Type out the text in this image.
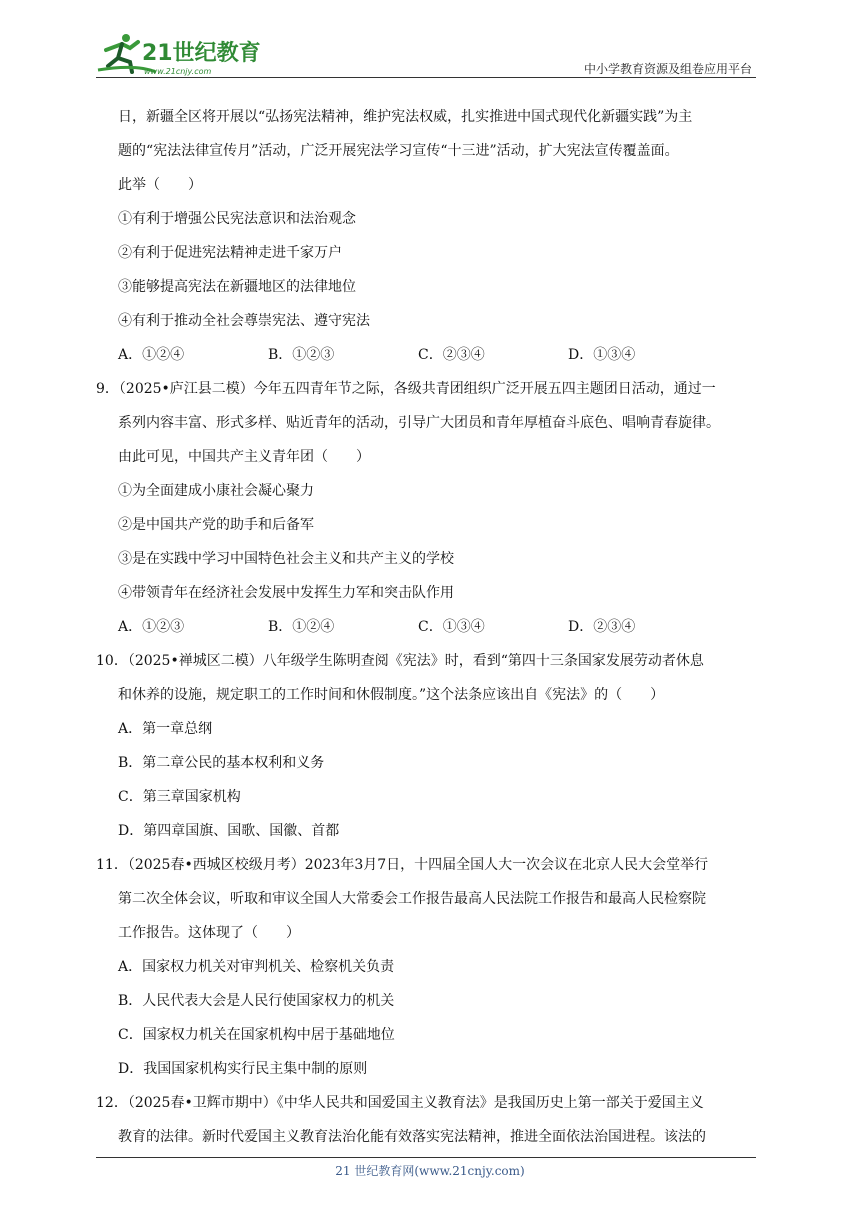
21世纪教育
www.21cnjy.com	中小学教育资源及组卷应用平台
日，新疆全区将开展以“弘扬宪法精神，维护宪法权威，扎实推进中国式现代化新疆实践”为主
题的“宪法法律宣传月”活动，广泛开展宪法学习宣传“十三进”活动，扩大宪法宣传覆盖面。
此举（　　）
①有利于增强公民宪法意识和法治观念
②有利于促进宪法精神走进千家万户
③能够提高宪法在新疆地区的法律地位
④有利于推动全社会尊崇宪法、遵守宪法
A．①②④	B．①②③	C．②③④	D．①③④
9．（2025•庐江县二模）今年五四青年节之际，各级共青团组织广泛开展五四主题团日活动，通过一
系列内容丰富、形式多样、贴近青年的活动，引导广大团员和青年厚植奋斗底色、唱响青春旋律。
由此可见，中国共产主义青年团（　　）
①为全面建成小康社会凝心聚力
②是中国共产党的助手和后备军
③是在实践中学习中国特色社会主义和共产主义的学校
④带领青年在经济社会发展中发挥生力军和突击队作用
A．①②③	B．①②④	C．①③④	D．②③④
10．（2025•禅城区二模）八年级学生陈明查阅《宪法》时，看到“第四十三条国家发展劳动者休息
和休养的设施，规定职工的工作时间和休假制度。”这个法条应该出自《宪法》的（　　）
A．第一章总纲
B．第二章公民的基本权利和义务
C．第三章国家机构
D．第四章国旗、国歌、国徽、首都
11．（2025春•西城区校级月考）2023年3月7日，十四届全国人大一次会议在北京人民大会堂举行
第二次全体会议，听取和审议全国人大常委会工作报告最高人民法院工作报告和最高人民检察院
工作报告。这体现了（　　）
A．国家权力机关对审判机关、检察机关负责
B．人民代表大会是人民行使国家权力的机关
C．国家权力机关在国家机构中居于基础地位
D．我国国家机构实行民主集中制的原则
12．（2025春•卫辉市期中）《中华人民共和国爱国主义教育法》是我国历史上第一部关于爱国主义
教育的法律。新时代爱国主义教育法治化能有效落实宪法精神，推进全面依法治国进程。该法的
21 世纪教育网(www.21cnjy.com)
